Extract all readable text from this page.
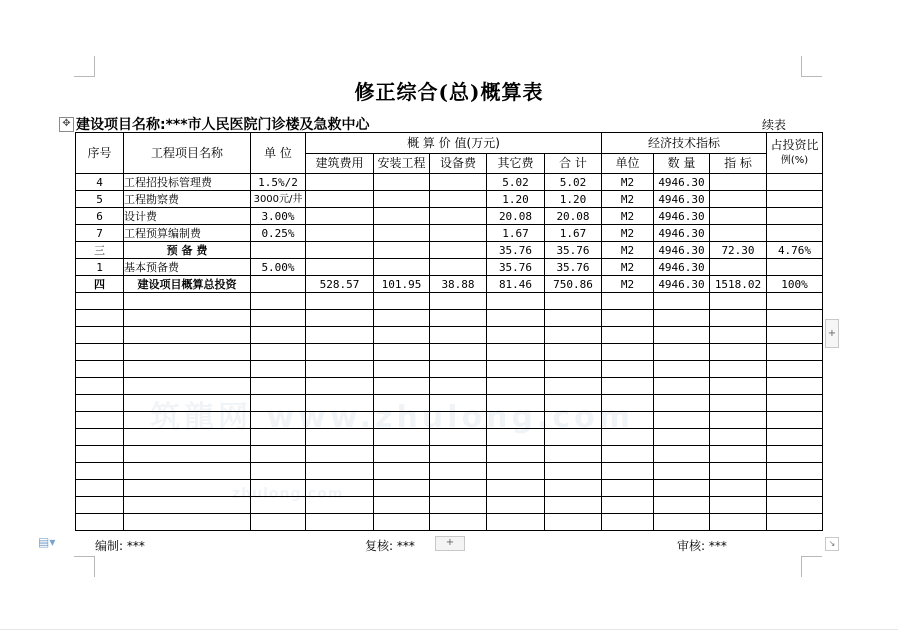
筑龍网 www.zhulong.com
zhulong.com
修正综合(总)概算表
✥ 建设项目名称:***市人民医院门诊楼及急救中心	续表
序号	工程项目名称	单 位	概 算 价 值(万元)					经济技术指标			占投资比
例(%)

			建筑费用	安装工程	设备费	其它费	合 计	单位	数 量	指 标	
4	工程招投标管理费	1.5%/2				5.02	5.02	M2	4946.30		
5	工程勘察费	3000元/井				1.20	1.20	M2	4946.30		
6	设计费	3.00%				20.08	20.08	M2	4946.30		
7	工程预算编制费	0.25%				1.67	1.67	M2	4946.30		
三	预 备 费					35.76	35.76	M2	4946.30	72.30	4.76%
1	基本预备费	5.00%				35.76	35.76	M2	4946.30		
四	建设项目概算总投资		528.57	101.95	38.88	81.46	750.86	M2	4946.30	1518.02	100%

+
▤▾	编制: ***	复核: ***	+	审核: ***	↘
